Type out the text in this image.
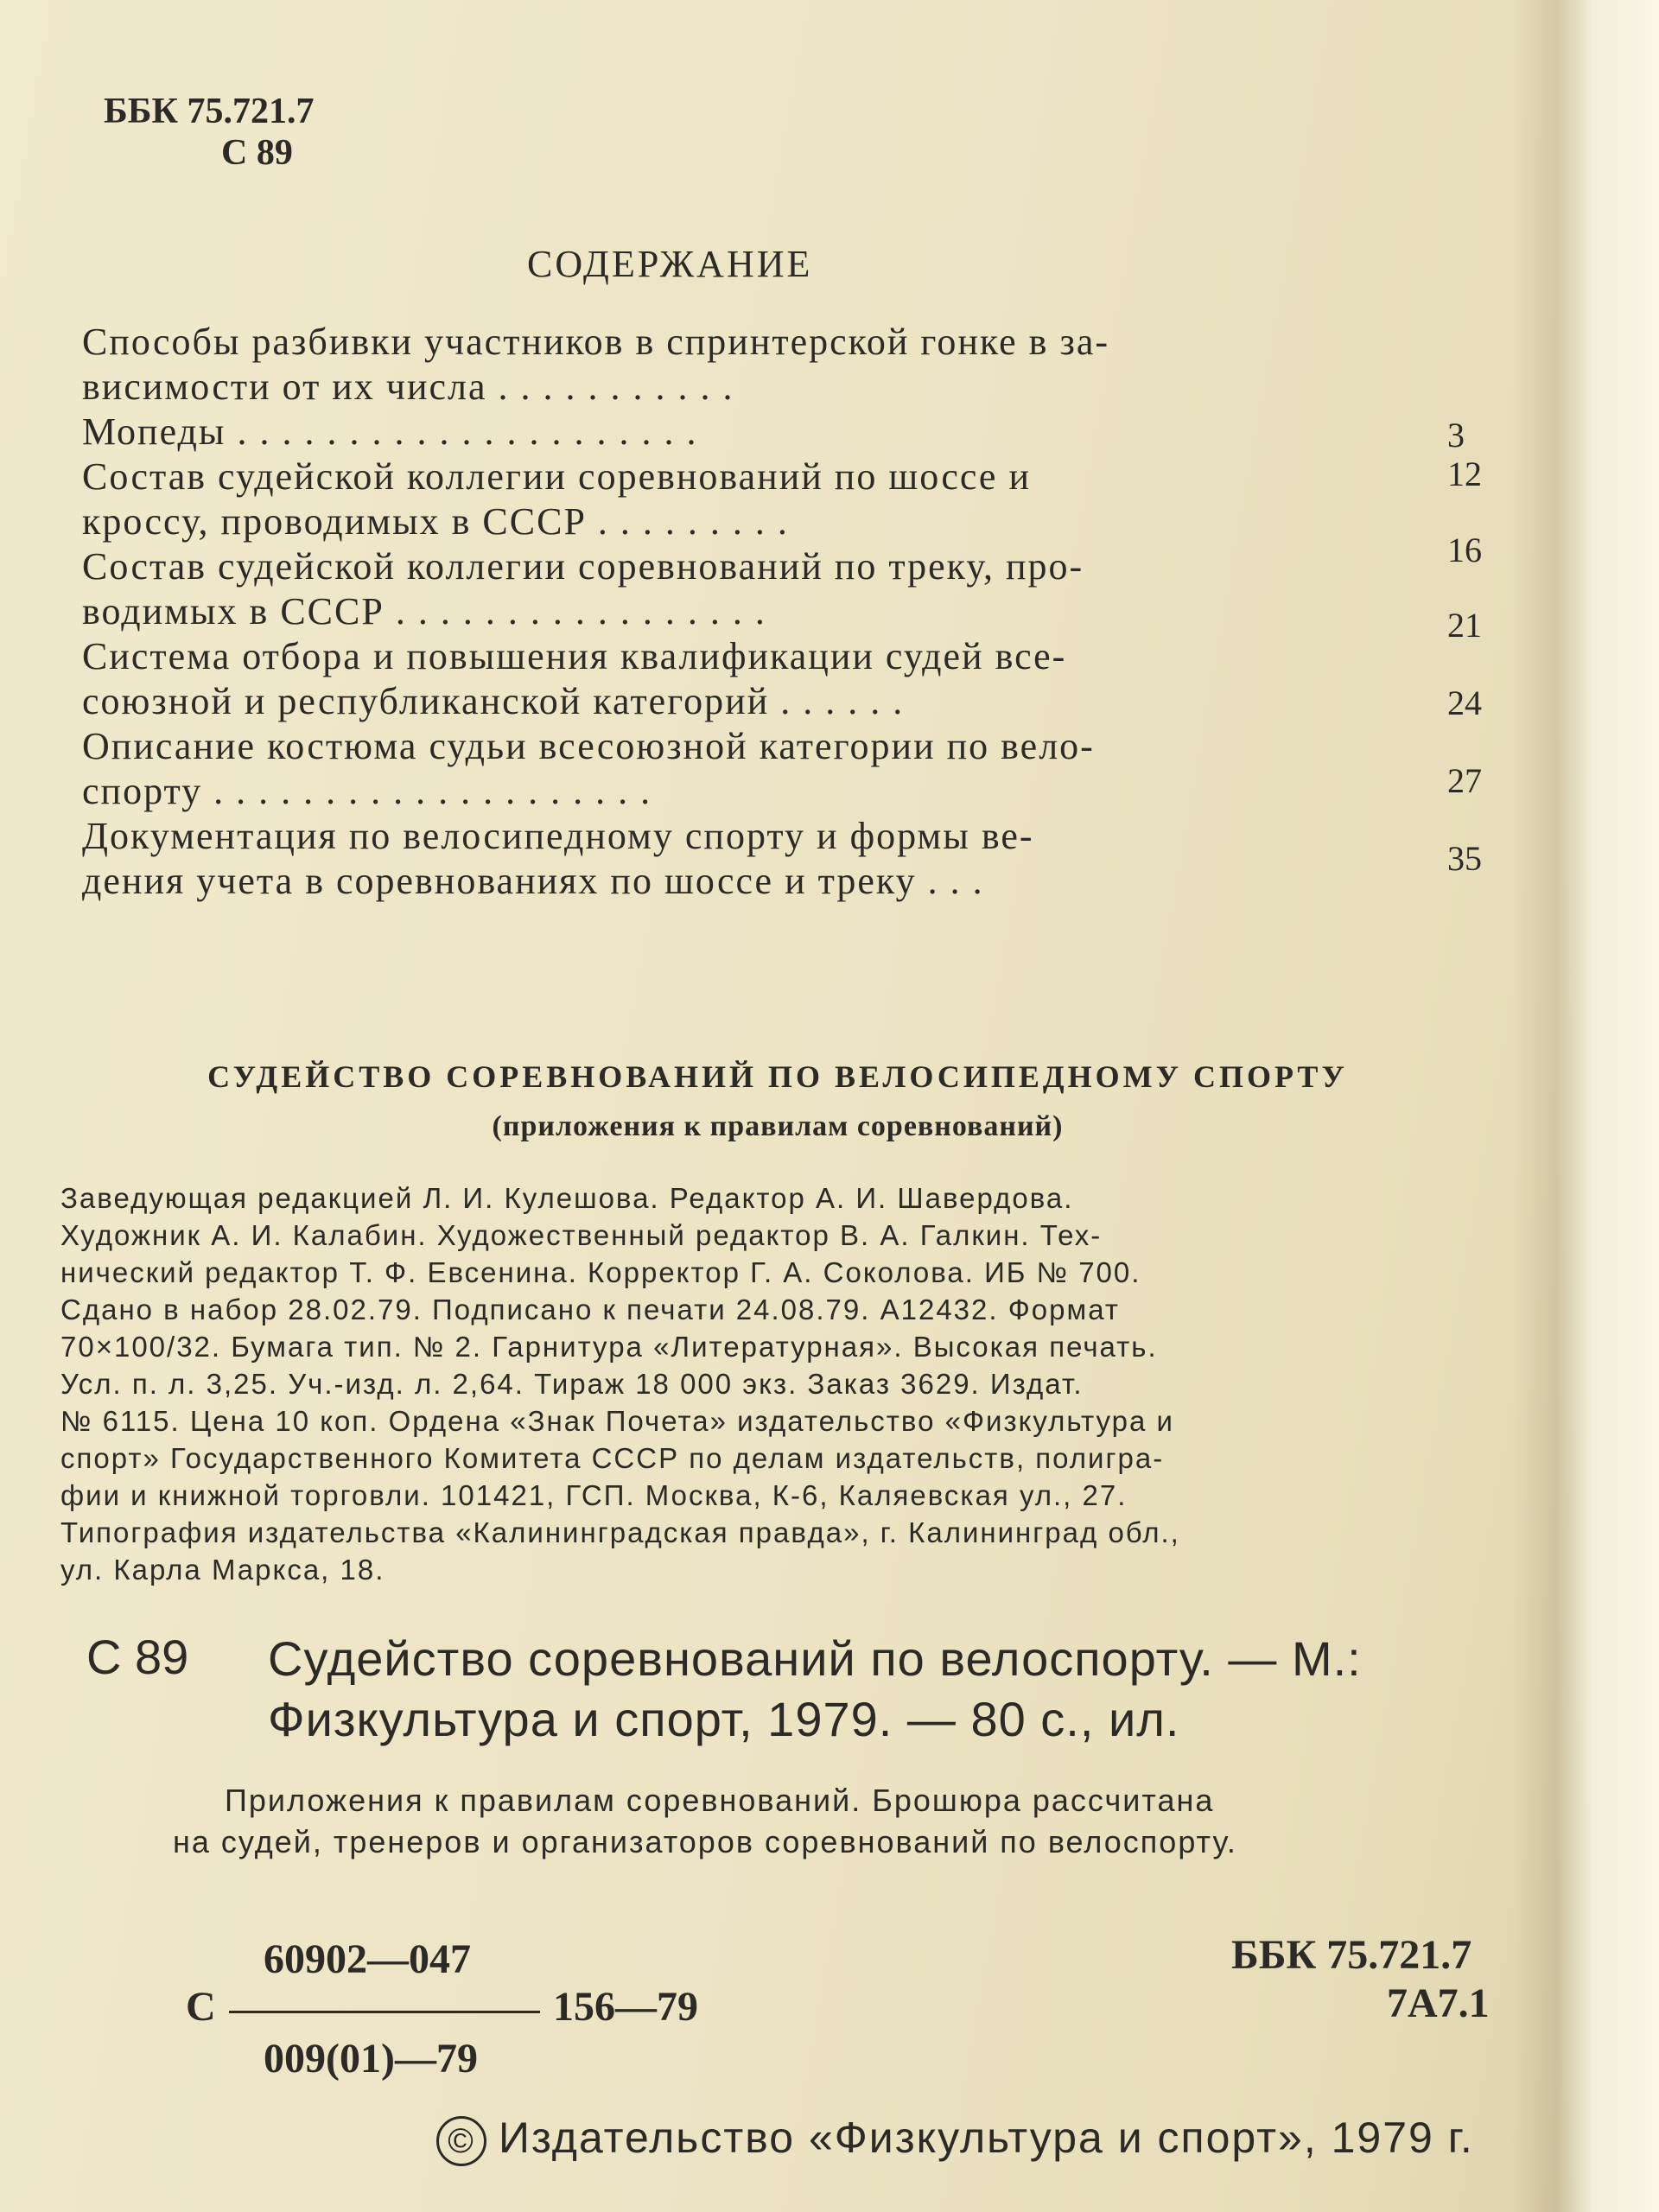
ББК 75.721.7
С 89
СОДЕРЖАНИЕ
Способы разбивки участников в спринтерской гонке в за-
висимости от их числа . . . . . . . . . . .
Мопеды . . . . . . . . . . . . . . . . . . . . .
Состав судейской коллегии соревнований по шоссе и
кроссу, проводимых в СССР . . . . . . . . .
Состав судейской коллегии соревнований по треку, про-
водимых в СССР . . . . . . . . . . . . . . . . .
Система отбора и повышения квалификации судей все-
союзной и республиканской категорий . . . . . .
Описание костюма судьи всесоюзной категории по вело-
спорту . . . . . . . . . . . . . . . . . . . .
Документация по велосипедному спорту и формы ве-
дения учета в соревнованиях по шоссе и треку . . .
3
12
16
21
24
27
35
СУДЕЙСТВО СОРЕВНОВАНИЙ ПО ВЕЛОСИПЕДНОМУ СПОРТУ
(приложения к правилам соревнований)
Заведующая редакцией Л. И. Кулешова. Редактор А. И. Шавердова.
Художник А. И. Калабин. Художественный редактор В. А. Галкин. Тех-
нический редактор Т. Ф. Евсенина. Корректор Г. А. Соколова. ИБ № 700.
Сдано в набор 28.02.79. Подписано к печати 24.08.79. А12432. Формат
70×100/32. Бумага тип. № 2. Гарнитура «Литературная». Высокая печать.
Усл. п. л. 3,25. Уч.-изд. л. 2,64. Тираж 18 000 экз. Заказ 3629. Издат.
№ 6115. Цена 10 коп. Ордена «Знак Почета» издательство «Физкультура и
спорт» Государственного Комитета СССР по делам издательств, полигра-
фии и книжной торговли. 101421, ГСП. Москва, К-6, Каляевская ул., 27.
Типография издательства «Калининградская правда», г. Калининград обл.,
ул. Карла Маркса, 18.
С 89 Судейство соревнований по велоспорту. — М.:
Физкультура и спорт, 1979. — 80 с., ил.
Приложения к правилам соревнований. Брошюра рассчитана
на судей, тренеров и организаторов соревнований по велоспорту.
60902—047
С	156—79
009(01)—79
ББК 75.721.7
7А7.1
© Издательство «Физкультура и спорт», 1979 г.
